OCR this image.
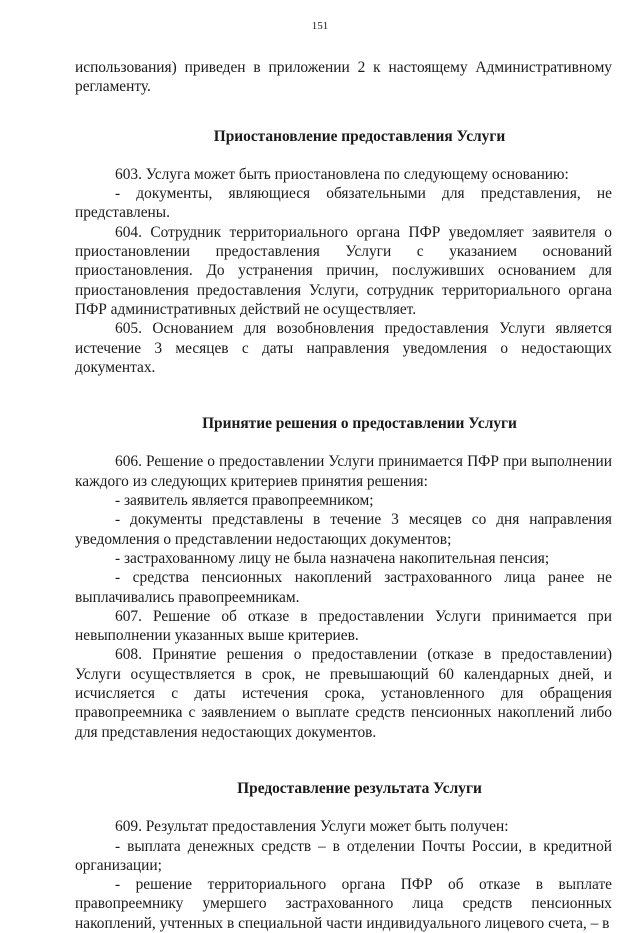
151

использования) приведен в приложении 2 к настоящему Административному регламенту.

Приостановление предоставления Услуги

603. Услуга может быть приостановлена по следующему основанию:

- документы, являющиеся обязательными для представления, не представлены.

604. Сотрудник территориального органа ПФР уведомляет заявителя о приостановлении предоставления Услуги с указанием оснований приостановления. До устранения причин, послуживших основанием для приостановления предоставления Услуги, сотрудник территориального органа ПФР административных действий не осуществляет.

605. Основанием для возобновления предоставления Услуги является истечение 3 месяцев с даты направления уведомления о недостающих документах.

Принятие решения о предоставлении Услуги

606. Решение о предоставлении Услуги принимается ПФР при выполнении каждого из следующих критериев принятия решения:

- заявитель является правопреемником;

- документы представлены в течение 3 месяцев со дня направления уведомления о представлении недостающих документов;

- застрахованному лицу не была назначена накопительная пенсия;

- средства пенсионных накоплений застрахованного лица ранее не выплачивались правопреемникам.

607. Решение об отказе в предоставлении Услуги принимается при невыполнении указанных выше критериев.

608. Принятие решения о предоставлении (отказе в предоставлении) Услуги осуществляется в срок, не превышающий 60 календарных дней, и исчисляется с даты истечения срока, установленного для обращения правопреемника с заявлением о выплате средств пенсионных накоплений либо для представления недостающих документов.

Предоставление результата Услуги

609. Результат предоставления Услуги может быть получен:

- выплата денежных средств – в отделении Почты России, в кредитной организации;

- решение территориального органа ПФР об отказе в выплате правопреемнику умершего застрахованного лица средств пенсионных накоплений, учтенных в специальной части индивидуального лицевого счета, – в
